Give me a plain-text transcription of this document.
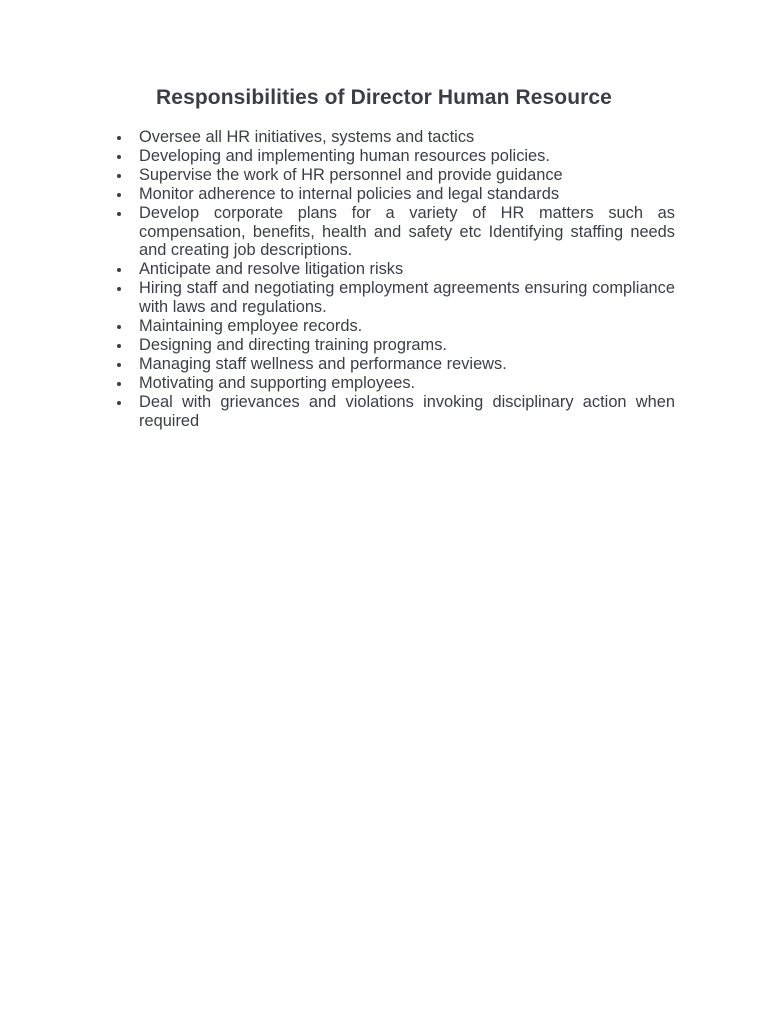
Responsibilities of Director Human Resource
Oversee all HR initiatives, systems and tactics
Developing and implementing human resources policies.
Supervise the work of HR personnel and provide guidance
Monitor adherence to internal policies and legal standards
Develop corporate plans for a variety of HR matters such as compensation, benefits, health and safety etc Identifying staffing needs and creating job descriptions.
Anticipate and resolve litigation risks
Hiring staff and negotiating employment agreements ensuring compliance with laws and regulations.
Maintaining employee records.
Designing and directing training programs.
Managing staff wellness and performance reviews.
Motivating and supporting employees.
Deal with grievances and violations invoking disciplinary action when required
